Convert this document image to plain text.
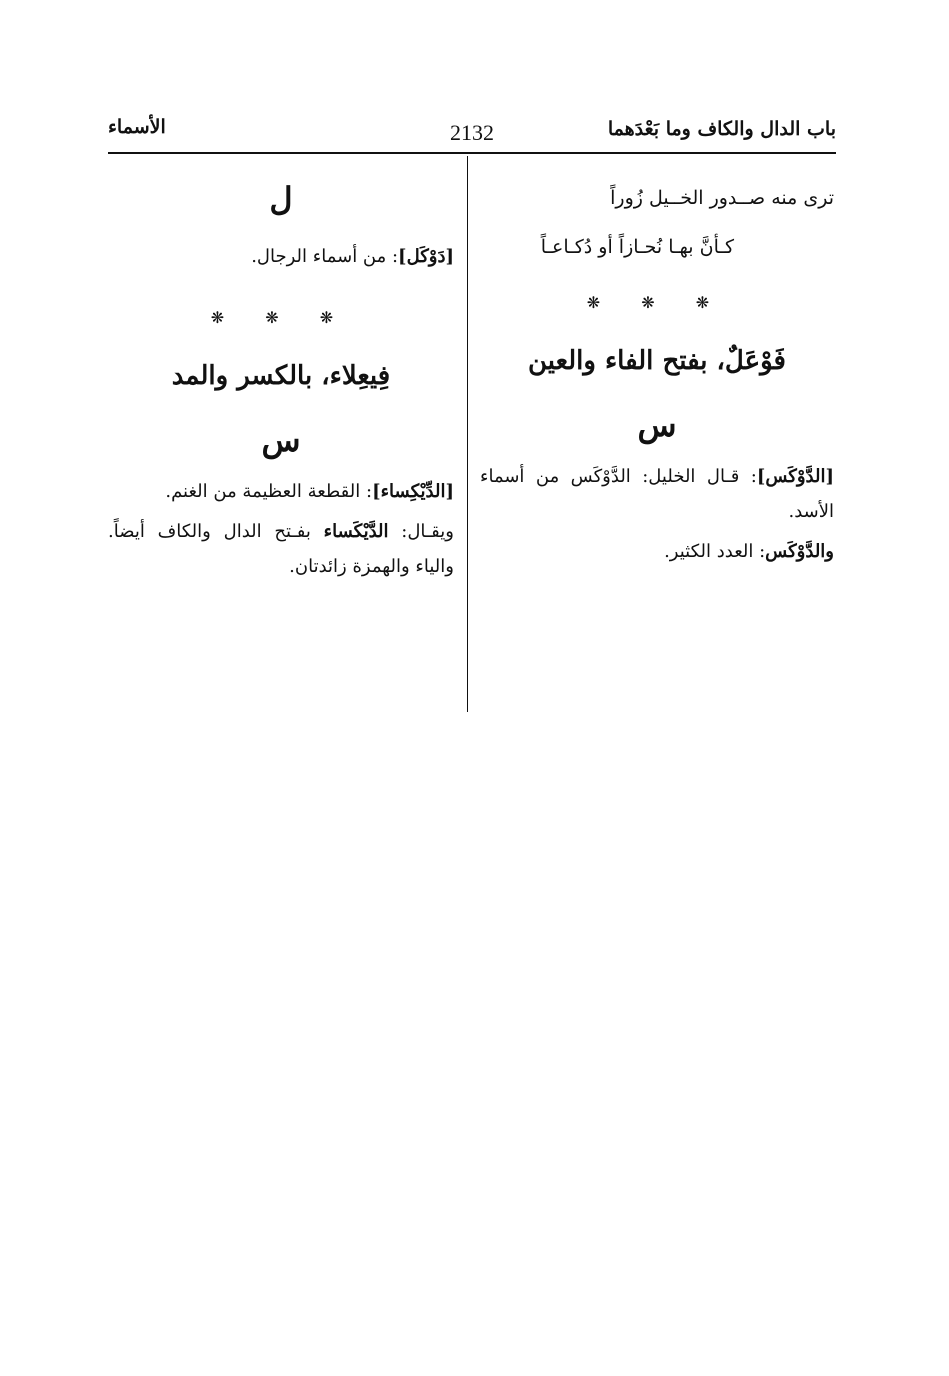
باب الدال والكاف وما بَعْدَهما
2132
الأسماء
ترى منه صــدور الخــيل زُوراً
كـأنَّ بهـا نُحـازاً أو دُكـاعـاً
❋ ❋ ❋
فَوْعَلٌ، بفتح الفاء والعين
س
[الدَّوْكَس]: قـال الخليل: الدَّوْكَس من أسماء الأسد.
والدَّوْكَس: العدد الكثير.
ل
[دَوْكَل]: من أسماء الرجال.
❋ ❋ ❋
فِيعِلاء، بالكسر والمد
س
[الدِّيْكِساء]: القطعة العظيمة من الغنم.
ويقـال: الدَّيْكَساء بفـتح الدال والكاف أيضاً. والياء والهمزة زائدتان.
